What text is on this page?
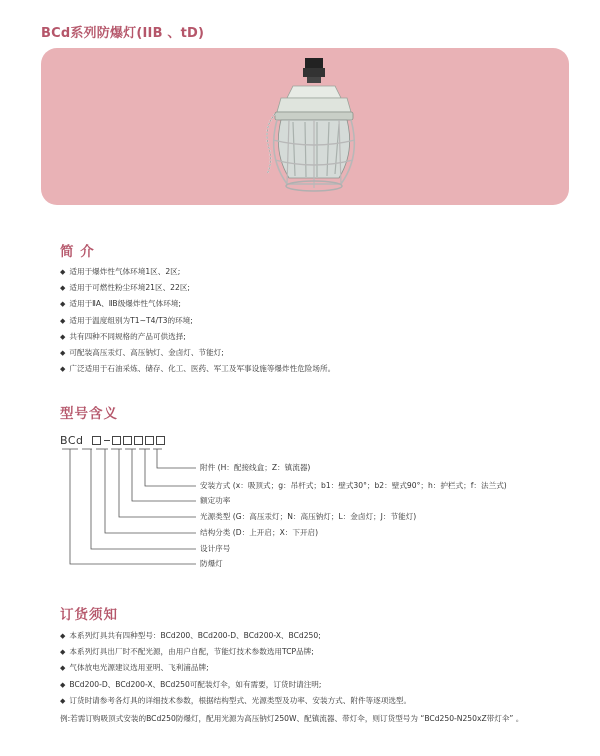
BCd系列防爆灯(IIB 、tD)
简 介
◆ 适用于爆炸性气体环境1区、2区;
◆ 适用于可燃性粉尘环境21区、22区;
◆ 适用于ⅡA、ⅡB级爆炸性气体环境;
◆ 适用于温度组别为T1~T4/T3的环境;
◆ 共有四种不同规格的产品可供选择;
◆ 可配装高压汞灯、高压钠灯、金卤灯、节能灯;
◆ 广泛适用于石油采炼、储存、化工、医药、军工及军事设施等爆炸性危险场所。
型号含义
BCd
附件 (H：配接线盒；Z：镇流器)
安装方式 (x：吸顶式；g：吊杆式；b1：壁式30°；b2：壁式90°；h：护栏式；f：法兰式)
额定功率
光源类型 (G：高压汞灯；N：高压钠灯；L：金卤灯；J：节能灯)
结构分类 (D：上开启；X：下开启)
设计序号
防爆灯
订货须知
◆ 本系列灯具共有四种型号：BCd200、BCd200-D、BCd200-X、BCd250;
◆ 本系列灯具出厂时不配光源，由用户自配，节能灯技术参数选用TCP品牌;
◆ 气体放电光源建议选用亚明、飞利浦品牌;
◆ BCd200-D、BCd200-X、BCd250可配装灯伞，如有需要，订货时请注明;
◆ 订货时请参考各灯具的详细技术参数，根据结构型式、光源类型及功率、安装方式、附件等逐项选型。
例:若需订购吸顶式安装的BCd250防爆灯，配用光源为高压钠灯250W、配镇流器、带灯伞，则订货型号为 “BCd250-N250xZ带灯伞” 。
